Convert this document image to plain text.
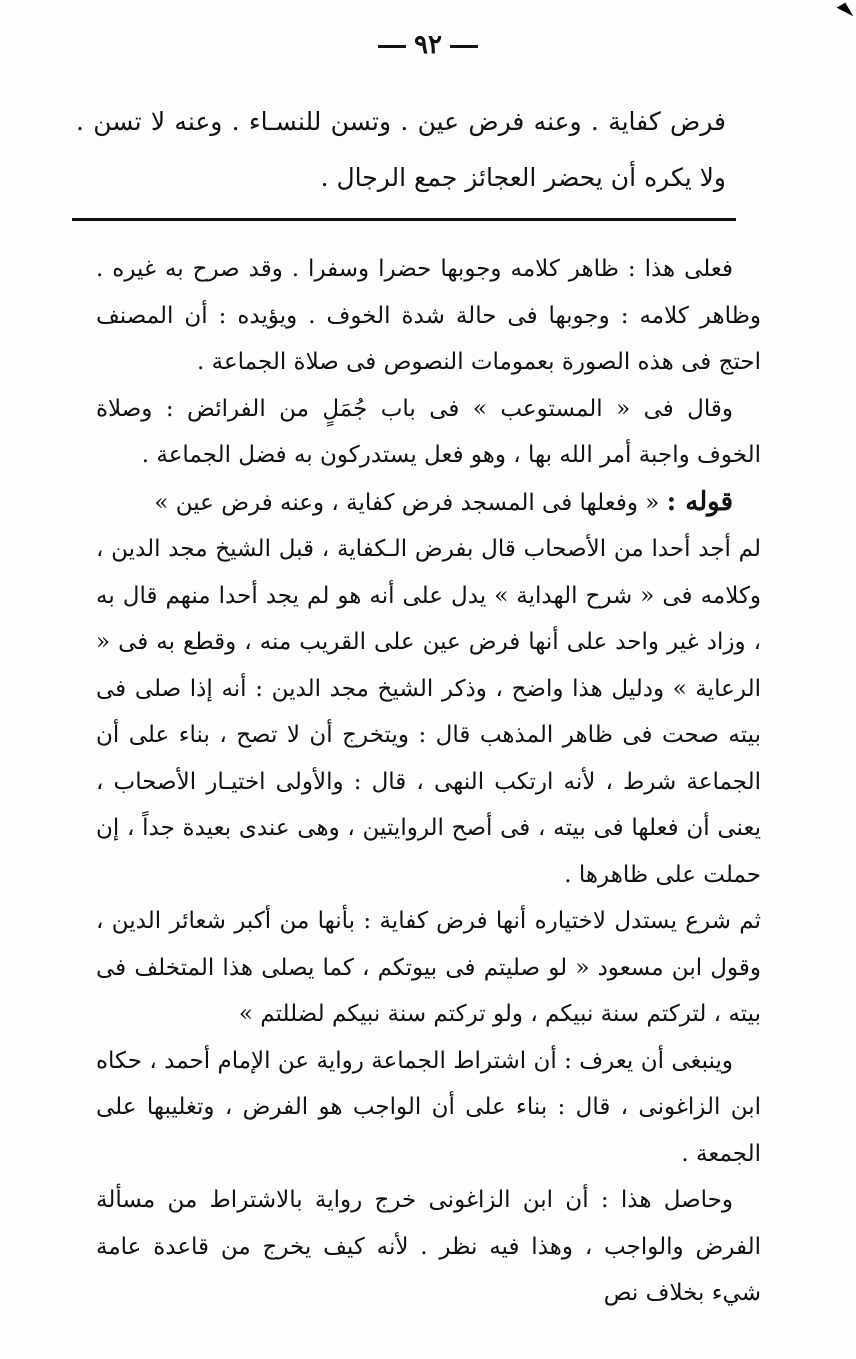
٩٢

فرض كفاية . وعنه فرض عين . وتسن للنسـاء . وعنه لا تسن . ولا يكره أن يحضر العجائز جمع الرجال .

فعلى هذا : ظاهر كلامه وجوبها حضرا وسفرا . وقد صرح به غيره . وظاهر كلامه : وجوبها فى حالة شدة الخوف . ويؤيده : أن المصنف احتج فى هذه الصورة بعمومات النصوص فى صلاة الجماعة .

وقال فى « المستوعب » فى باب جُمَلٍ من الفرائض : وصلاة الخوف واجبة أمر الله بها ، وهو فعل يستدركون به فضل الجماعة .

قوله : « وفعلها فى المسجد فرض كفاية ، وعنه فرض عين »

لم أجد أحدا من الأصحاب قال بفرض الـكفاية ، قبل الشيخ مجد الدين ، وكلامه فى « شرح الهداية » يدل على أنه هو لم يجد أحدا منهم قال به ، وزاد غير واحد على أنها فرض عين على القريب منه ، وقطع به فى « الرعاية » ودليل هذا واضح ، وذكر الشيخ مجد الدين : أنه إذا صلى فى بيته صحت فى ظاهر المذهب قال : ويتخرج أن لا تصح ، بناء على أن الجماعة شرط ، لأنه ارتكب النهى ، قال : والأولى اختيـار الأصحاب ، يعنى أن فعلها فى بيته ، فى أصح الروايتين ، وهى عندى بعيدة جداً ، إن حملت على ظاهرها .

ثم شرع يستدل لاختياره أنها فرض كفاية : بأنها من أكبر شعائر الدين ، وقول ابن مسعود « لو صليتم فى بيوتكم ، كما يصلى هذا المتخلف فى بيته ، لتركتم سنة نبيكم ، ولو تركتم سنة نبيكم لضللتم »

وينبغى أن يعرف : أن اشتراط الجماعة رواية عن الإمام أحمد ، حكاه ابن الزاغونى ، قال : بناء على أن الواجب هو الفرض ، وتغليبها على الجمعة .

وحاصل هذا : أن ابن الزاغونى خرج رواية بالاشتراط من مسألة الفرض والواجب ، وهذا فيه نظر . لأنه كيف يخرج من قاعدة عامة شيء بخلاف نص
